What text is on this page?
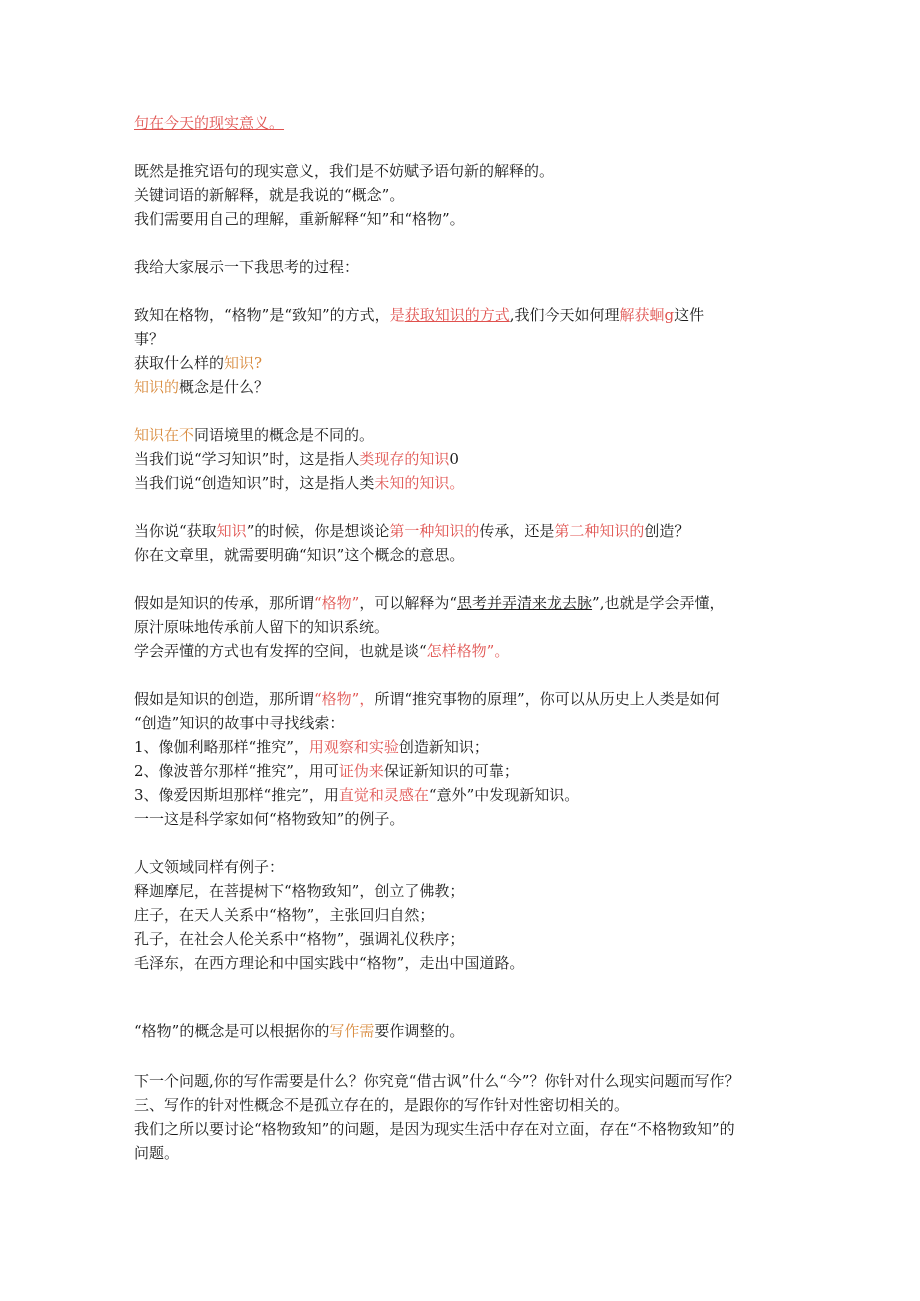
句在今天的现实意义。
既然是推究语句的现实意义，我们是不妨赋予语句新的解释的。
关键词语的新解释，就是我说的“概念”。
我们需要用自己的理解，重新解释“知”和“格物”。
我给大家展示一下我思考的过程：
致知在格物，“格物”是“致知”的方式，是获取知识的方式,我们今天如何理解获蛔g这件
事？
获取什么样的知识?
知识的概念是什么？
知识在不同语境里的概念是不同的。
当我们说“学习知识”时，这是指人类现存的知识0
当我们说“创造知识”时，这是指人类未知的知识。
当你说“获取知识”的时候，你是想谈论第一种知识的传承，还是第二种知识的创造？
你在文章里，就需要明确“知识”这个概念的意思。
假如是知识的传承，那所谓“格物”，可以解释为“思考并弄清来龙去脉”,也就是学会弄懂，
原汁原味地传承前人留下的知识系统。
学会弄懂的方式也有发挥的空间，也就是谈“怎样格物”。
假如是知识的创造，那所谓“格物”，所谓“推究事物的原理”，你可以从历史上人类是如何
“创造”知识的故事中寻找线索：
1、像伽利略那样“推究”，用观察和实验创造新知识；
2、像波普尔那样“推究”，用可证伪来保证新知识的可靠；
3、像爱因斯坦那样“推完”，用直觉和灵感在“意外”中发现新知识。
一一这是科学家如何“格物致知”的例子。
人文领域同样有例子：
释迦摩尼，在菩提树下“格物致知”，创立了佛教；
庄子，在天人关系中“格物”，主张回归自然；
孔子，在社会人伦关系中“格物”，强调礼仪秩序；
毛泽东，在西方理论和中国实践中“格物”，走出中国道路。
“格物”的概念是可以根据你的写作需要作调整的。
下一个问题,你的写作需要是什么？你究竟“借古讽”什么“今”？你针对什么现实问题而写作？
三、写作的针对性概念不是孤立存在的，是跟你的写作针对性密切相关的。
我们之所以要讨论“格物致知”的问题，是因为现实生活中存在对立面，存在“不格物致知”的
问题。
